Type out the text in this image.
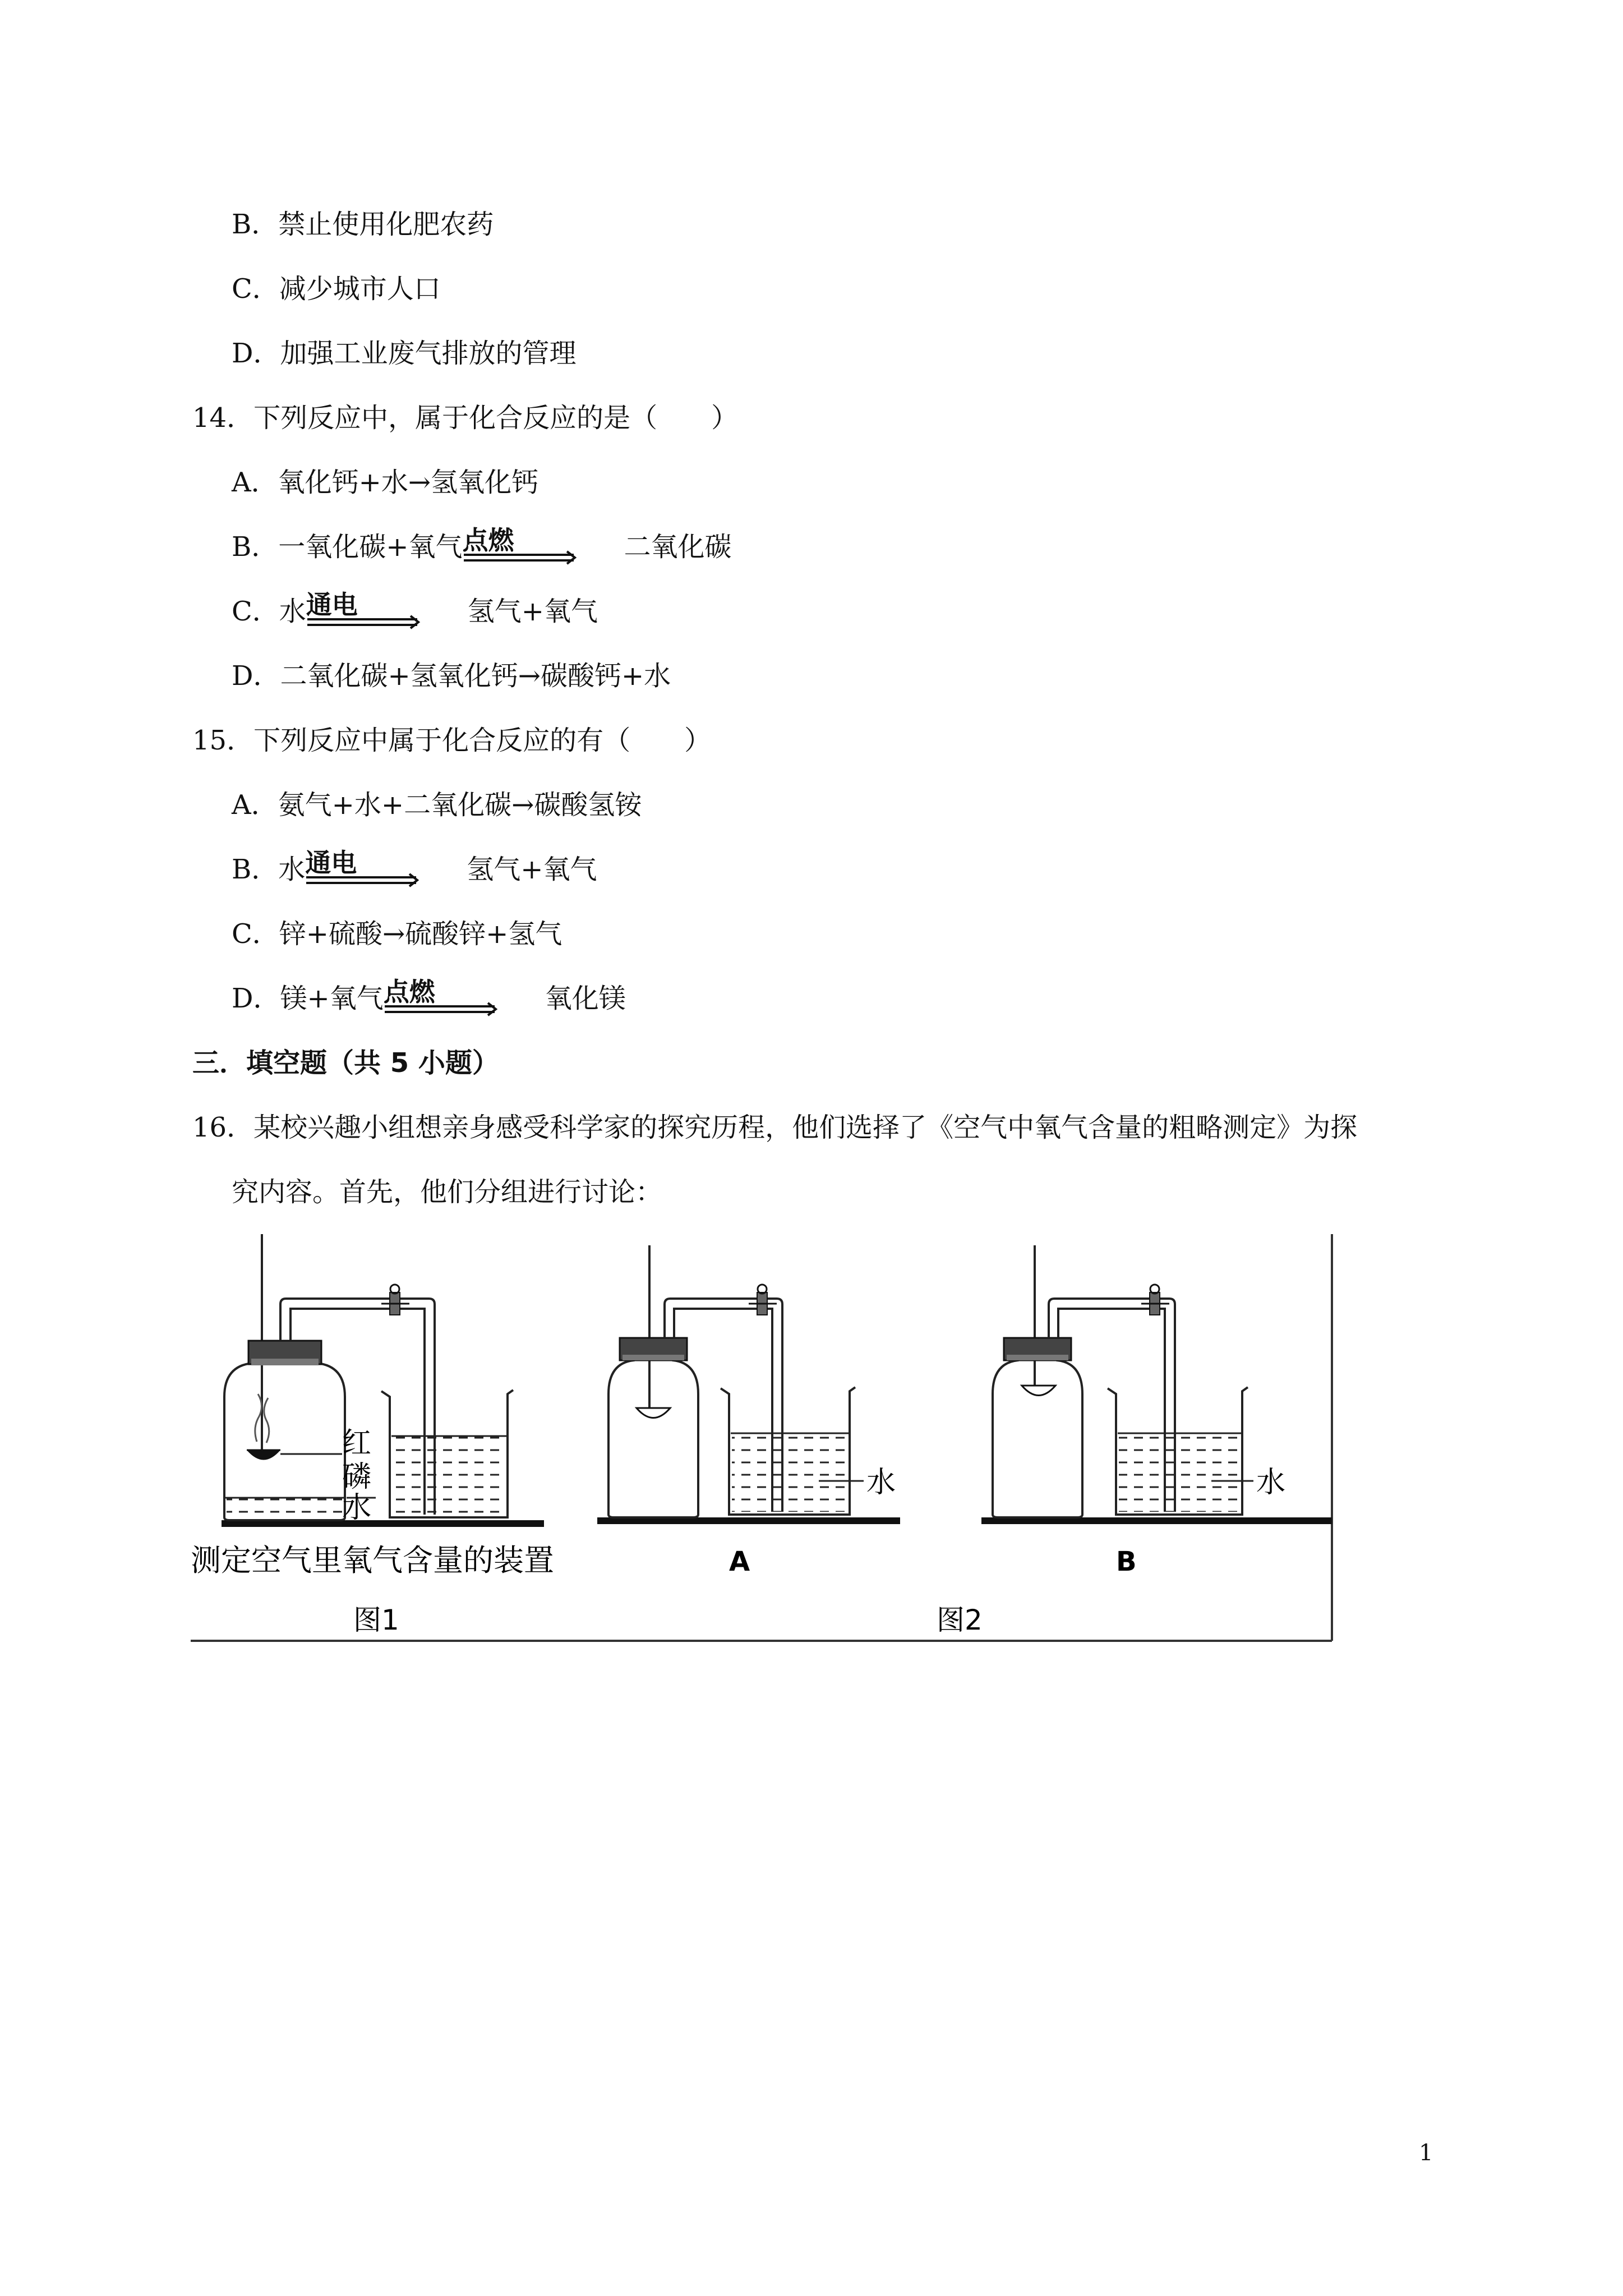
B．禁止使用化肥农药
C．减少城市人口
D．加强工业废气排放的管理
14．下列反应中，属于化合反应的是（　　）
A．氧化钙+水→氢氧化钙
B．一氧化碳+氧气 点燃	二氧化碳
C．水 通电	氢气+氧气
D．二氧化碳+氢氧化钙→碳酸钙+水
15．下列反应中属于化合反应的有（　　）
A．氨气+水+二氧化碳→碳酸氢铵
B．水 通电	氢气+氧气
C．锌+硫酸→硫酸锌+氢气
D．镁+氧气 点燃	氧化镁
三．填空题（共 5 小题）
16．某校兴趣小组想亲身感受科学家的探究历程，他们选择了《空气中氧气含量的粗略测定》为探
究内容。首先，他们分组进行讨论：
红
磷
水
测定空气里氧气含量的装置
图1
水
A
图2
水
B
1
